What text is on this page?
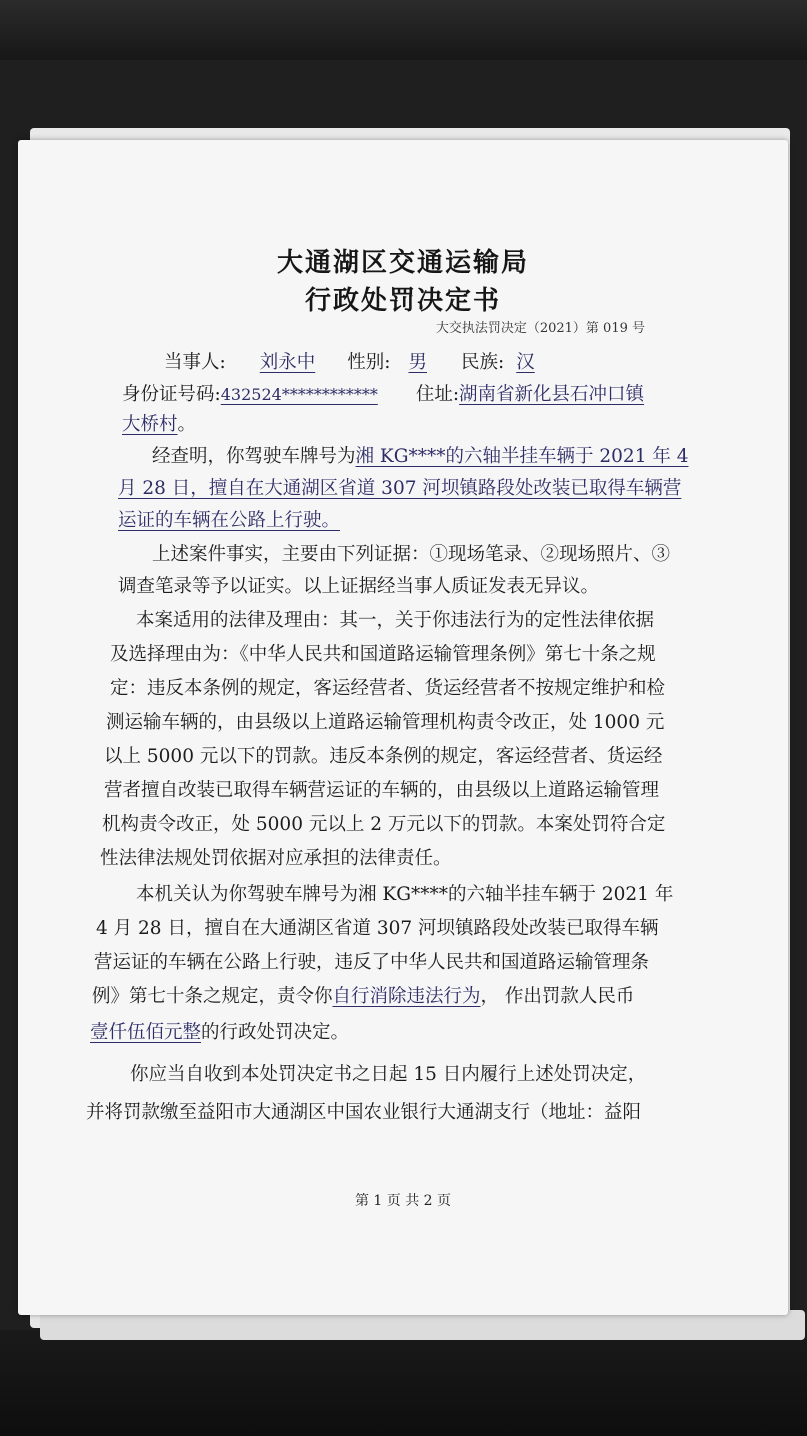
大通湖区交通运输局
行政处罚决定书
大交执法罚决定（2021）第 019 号
当事人: 刘永中 性别: 男 民族: 汉
身份证号码:432524************ 住址:湖南省新化县石冲口镇
大桥村。
经查明，你驾驶车牌号为湘 KG****的六轴半挂车辆于 2021 年 4
月 28 日，擅自在大通湖区省道 307 河坝镇路段处改装已取得车辆营
运证的车辆在公路上行驶。
上述案件事实，主要由下列证据：①现场笔录、②现场照片、③
调查笔录等予以证实。以上证据经当事人质证发表无异议。
本案适用的法律及理由：其一，关于你违法行为的定性法律依据
及选择理由为：《中华人民共和国道路运输管理条例》第七十条之规
定：违反本条例的规定，客运经营者、货运经营者不按规定维护和检
测运输车辆的，由县级以上道路运输管理机构责令改正，处 1000 元
以上 5000 元以下的罚款。违反本条例的规定，客运经营者、货运经
营者擅自改装已取得车辆营运证的车辆的，由县级以上道路运输管理
机构责令改正，处 5000 元以上 2 万元以下的罚款。本案处罚符合定
性法律法规处罚依据对应承担的法律责任。
本机关认为你驾驶车牌号为湘 KG****的六轴半挂车辆于 2021 年
4 月 28 日，擅自在大通湖区省道 307 河坝镇路段处改装已取得车辆
营运证的车辆在公路上行驶，违反了中华人民共和国道路运输管理条
例》第七十条之规定，责令你自行消除违法行为， 作出罚款人民币
壹仟伍佰元整的行政处罚决定。
你应当自收到本处罚决定书之日起 15 日内履行上述处罚决定，
并将罚款缴至益阳市大通湖区中国农业银行大通湖支行（地址：益阳
第 1 页 共 2 页
